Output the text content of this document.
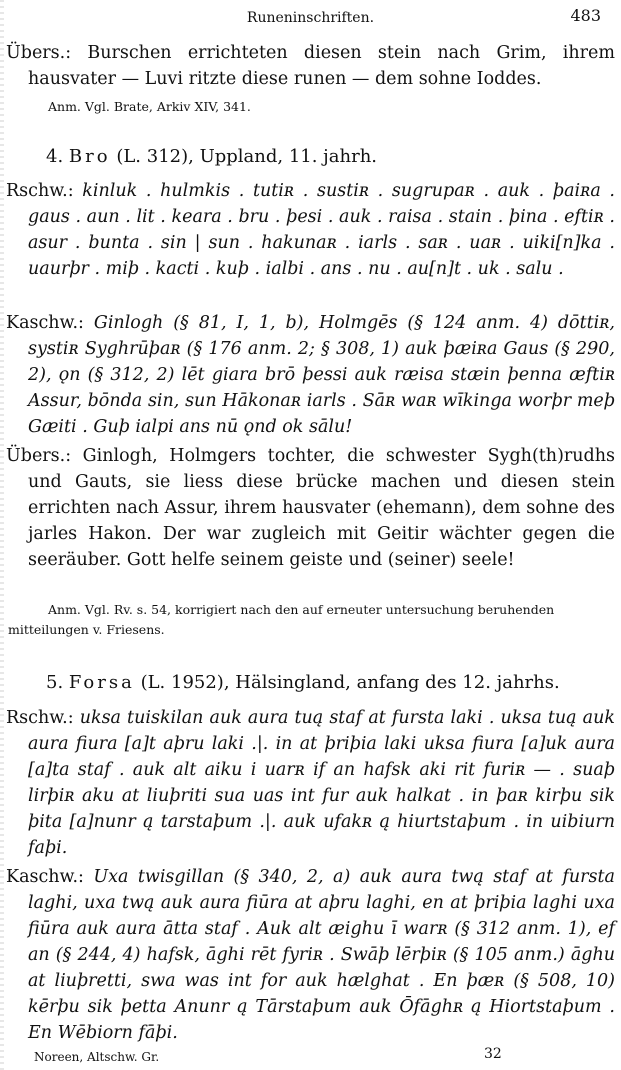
Runeninschriften.	483

Übers.: Burschen errichteten diesen stein nach Grim, ihrem hausvater — Luvi ritzte diese runen — dem sohne Ioddes.

Anm. Vgl. Brate, Arkiv XIV, 341.

4. Bro (L. 312), Uppland, 11. jahrh.

Rschw.: kinluk . hulmkis . tutiʀ . sustiʀ . sugrupaʀ . auk . þaiʀa . gaus . aun . lit . keara . bru . þesi . auk . raisa . stain . þina . eftiʀ . asur . bunta . sin | sun . hakunaʀ . iarls . saʀ . uaʀ . uiki[n]ka . uaurþr . miþ . kacti . kuþ . ialbi . ans . nu . au[n]t . uk . salu .

Kaschw.: Ginlogh (§ 81, I, 1, b), Holmgēs (§ 124 anm. 4) dōttiʀ, systiʀ Syghrūþaʀ (§ 176 anm. 2; § 308, 1) auk þæiʀa Gaus (§ 290, 2), ǫn (§ 312, 2) lēt giara brō þessi auk ræisa stæin þenna æftiʀ Assur, bōnda sin, sun Hākonaʀ iarls . Sāʀ waʀ wīkinga worþr meþ Gæiti . Guþ ialpi ans nū ǫnd ok sālu!

Übers.: Ginlogh, Holmgers tochter, die schwester Sygh(th)rudhs und Gauts, sie liess diese brücke machen und diesen stein errichten nach Assur, ihrem hausvater (ehemann), dem sohne des jarles Hakon. Der war zugleich mit Geitir wächter gegen die seeräuber. Gott helfe seinem geiste und (seiner) seele!

Anm. Vgl. Rv. s. 54, korrigiert nach den auf erneuter untersuchung beruhenden mitteilungen v. Friesens.

5. Forsa (L. 1952), Hälsingland, anfang des 12. jahrhs.

Rschw.: uksa tuiskilan auk aura tuą staf at fursta laki . uksa tuą auk aura fiura [a]t aþru laki .|. in at þriþia laki uksa fiura [a]uk aura [a]ta staf . auk alt aiku i uarʀ if an hafsk aki rit furiʀ — . suaþ lirþiʀ aku at liuþriti sua uas int fur auk halkat . in þaʀ kirþu sik þita [a]nunr ą tarstaþum .|. auk ufakʀ ą hiurtstaþum . in uibiurn faþi.

Kaschw.: Uxa twisgillan (§ 340, 2, a) auk aura twą staf at fursta laghi, uxa twą auk aura fiūra at aþru laghi, en at þriþia laghi uxa fiūra auk aura ātta staf . Auk alt æighu ī warʀ (§ 312 anm. 1), ef an (§ 244, 4) hafsk, āghi rēt fyriʀ . Swāþ lērþiʀ (§ 105 anm.) āghu at liuþretti, swa was int for auk hælghat . En þæʀ (§ 508, 10) kērþu sik þetta Anunr ą Tārstaþum auk Ōfāghʀ ą Hiortstaþum . En Wēbiorn fāþi.

Noreen, Altschw. Gr.	32
